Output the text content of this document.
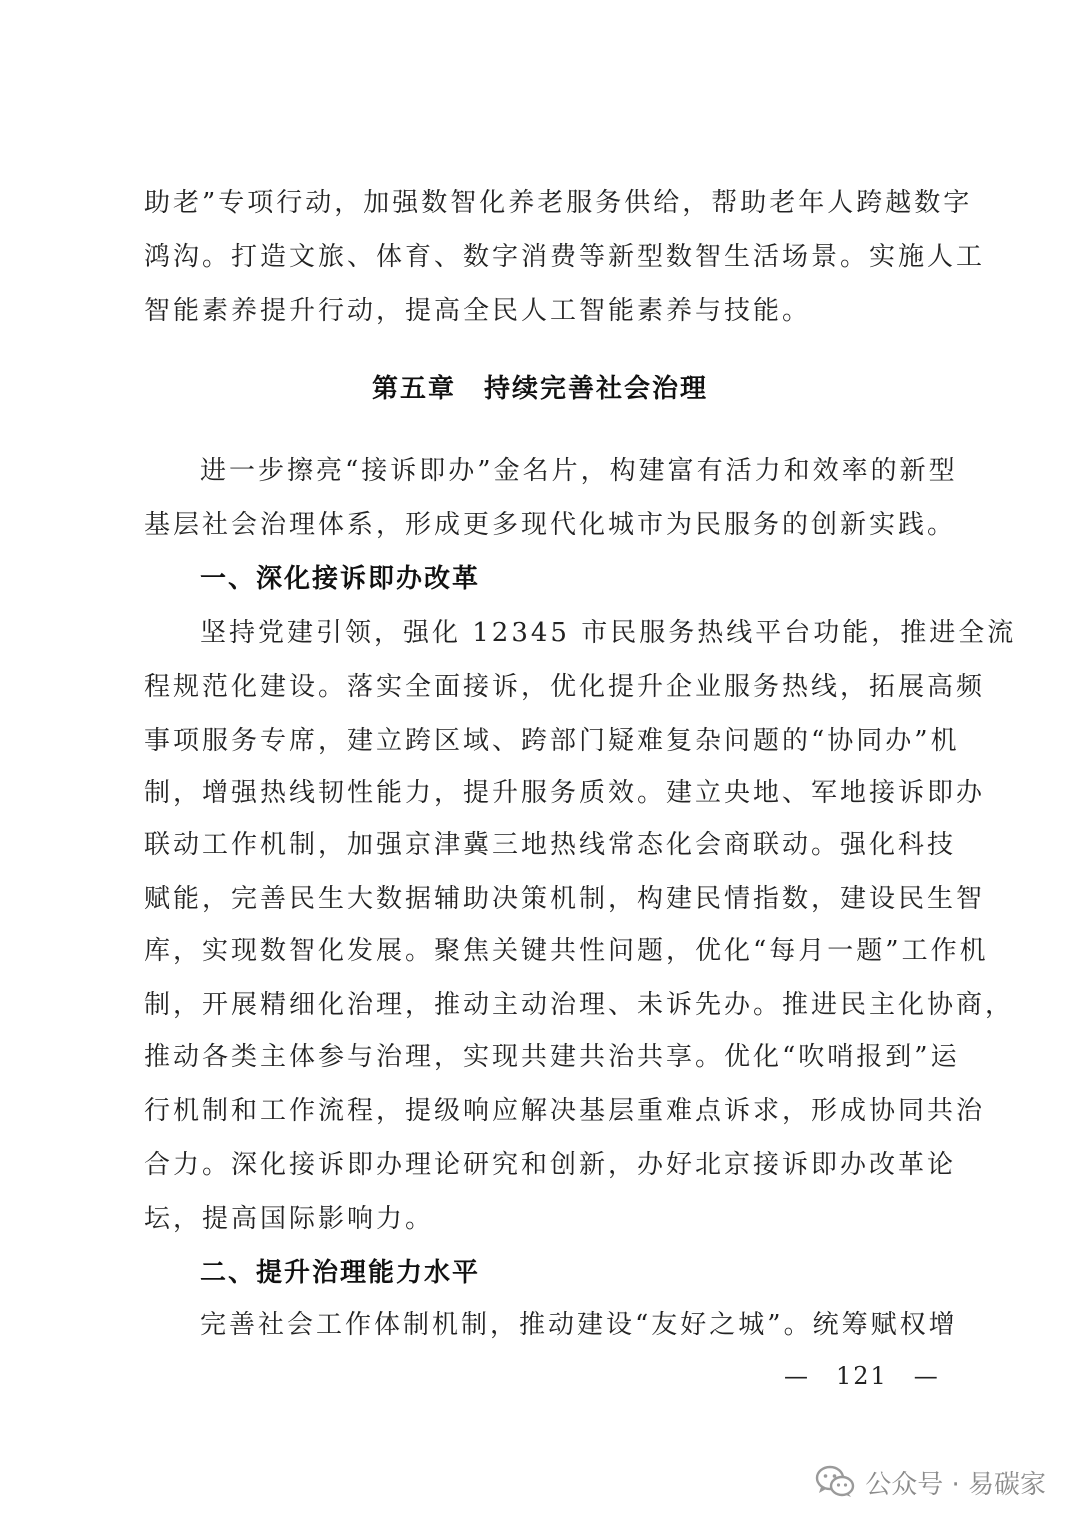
助老”专项行动，加强数智化养老服务供给，帮助老年人跨越数字
鸿沟。打造文旅、体育、数字消费等新型数智生活场景。实施人工
智能素养提升行动，提高全民人工智能素养与技能。
第五章　持续完善社会治理
进一步擦亮“接诉即办”金名片，构建富有活力和效率的新型
基层社会治理体系，形成更多现代化城市为民服务的创新实践。
一、深化接诉即办改革
坚持党建引领，强化 12345 市民服务热线平台功能，推进全流
程规范化建设。落实全面接诉，优化提升企业服务热线，拓展高频
事项服务专席，建立跨区域、跨部门疑难复杂问题的“协同办”机
制，增强热线韧性能力，提升服务质效。建立央地、军地接诉即办
联动工作机制，加强京津冀三地热线常态化会商联动。强化科技
赋能，完善民生大数据辅助决策机制，构建民情指数，建设民生智
库，实现数智化发展。聚焦关键共性问题，优化“每月一题”工作机
制，开展精细化治理，推动主动治理、未诉先办。推进民主化协商，
推动各类主体参与治理，实现共建共治共享。优化“吹哨报到”运
行机制和工作流程，提级响应解决基层重难点诉求，形成协同共治
合力。深化接诉即办理论研究和创新，办好北京接诉即办改革论
坛，提高国际影响力。
二、提升治理能力水平
完善社会工作体制机制，推动建设“友好之城”。统筹赋权增
—　121　—
公众号 · 易碳家
